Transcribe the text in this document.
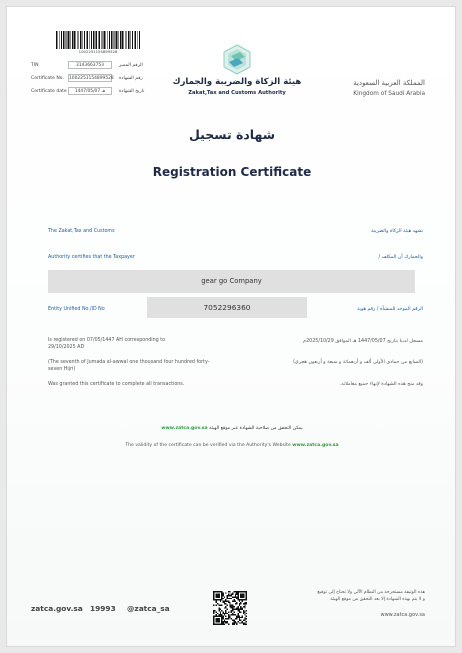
1002251154899528
TIN	3143663753	الرقم المميز
Certificate No. 1002251154899528 رقم الشهادة
Certificate date	هـ 1447/05/07	تاريخ الشهادة
هيئة الزكاة والضريبة والجمارك
Zakat,Tax and Customs Authority
المملكة العربية السعودية
Kingdom of Saudi Arabia
شهادة تسجيل
Registration Certificate
The Zakat,Tax and Customs	تشهد هيئة الزكاة والضريبة
Authority certifies that the Taxpayer	والجمارك أن المكلف /
gear go Company
Entity Unified No./ID No	7052296360	الرقم الموحد للمنشأة / رقم هوية
Is registered on 07/05/1447 AH corresponding to
29/10/2025 AD
مسجل لدينا بتاريخ 1447/05/07 هـ الموافق 2025/10/29م
(The seventh of Jumada al-awwal one thousand four hundred forty-
seven Hijri)
(السابع من جمادى الأولى ألف و أربعمائة و سبعة و أربعون هجري)
Was granted this certificate to complete all transactions.	وقد منح هذه الشهادة لإنهاء جميع معاملاته.
www.zatca.gov.sa يمكن التحقق من صلاحية الشهادة عبر موقع الهيئة
The validity of the certificate can be verified via the Authority's Website www.zatca.gov.sa
zatca.gov.sa 19993 @zatca_sa
هذه الوثيقة مستخرجة من النظام الآلي ولا تحتاج إلى توقيع
و لا يتم بهذه الشهادة إلا بعد التحقق من موقع الهيئة
www.zatca.gov.sa
